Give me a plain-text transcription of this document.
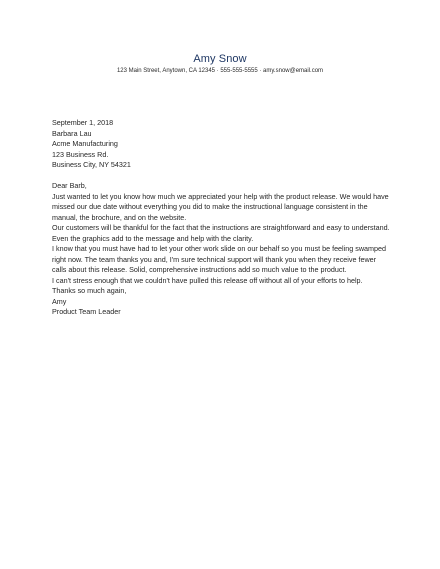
Amy Snow
123 Main Street, Anytown, CA 12345 · 555-555-5555 · amy.snow@email.com

September 1, 2018

Barbara Lau

Acme Manufacturing

123 Business Rd.

Business City, NY 54321

Dear Barb,

Just wanted to let you know how much we appreciated your help with the product release. We would have missed our due date without everything you did to make the instructional language consistent in the manual, the brochure, and on the website.

Our customers will be thankful for the fact that the instructions are straightforward and easy to understand. Even the graphics add to the message and help with the clarity.

I know that you must have had to let your other work slide on our behalf so you must be feeling swamped right now. The team thanks you and, I'm sure technical support will thank you when they receive fewer calls about this release. Solid, comprehensive instructions add so much value to the product.

I can't stress enough that we couldn't have pulled this release off without all of your efforts to help.

Thanks so much again,

Amy

Product Team Leader
